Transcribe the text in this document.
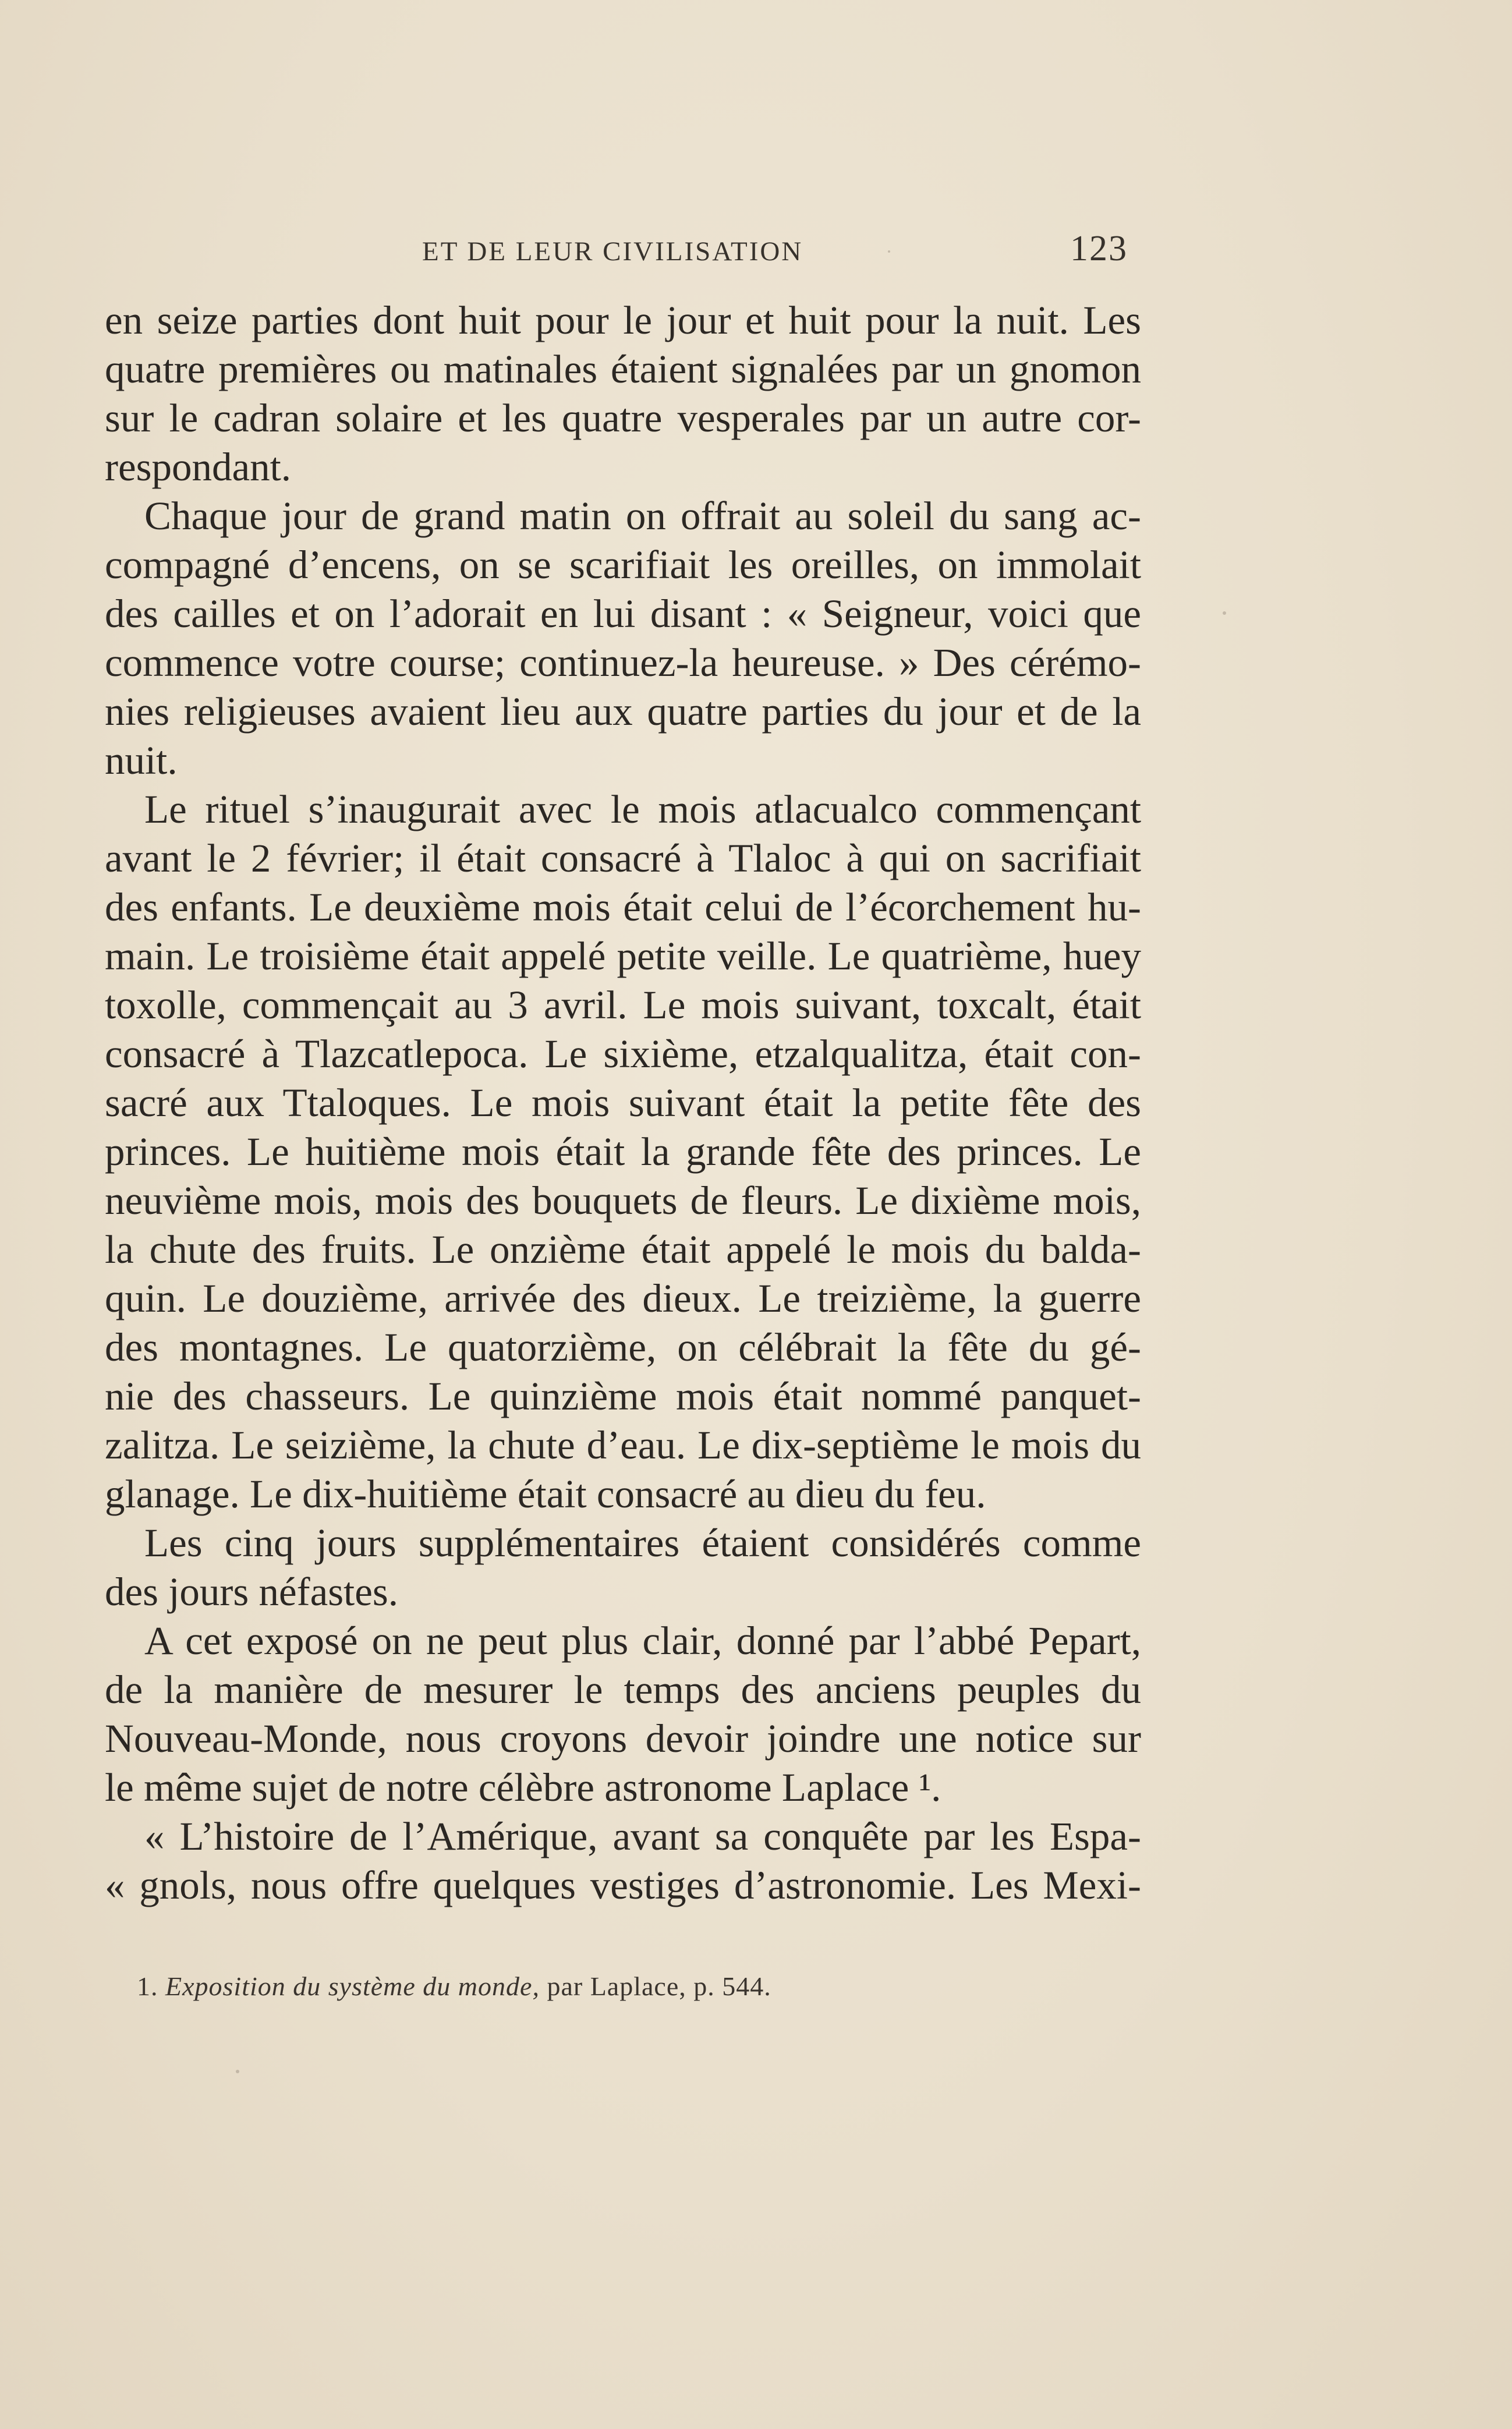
ET DE LEUR CIVILISATION	123
en seize parties dont huit pour le jour et huit pour la nuit. Les
quatre premières ou matinales étaient signalées par un gnomon
sur le cadran solaire et les quatre vesperales par un autre cor-
respondant.
Chaque jour de grand matin on offrait au soleil du sang ac-
compagné d’encens, on se scarifiait les oreilles, on immolait
des cailles et on l’adorait en lui disant : « Seigneur, voici que
commence votre course; continuez-la heureuse. » Des cérémo-
nies religieuses avaient lieu aux quatre parties du jour et de la
nuit.
Le rituel s’inaugurait avec le mois atlacualco commençant
avant le 2 février; il était consacré à Tlaloc à qui on sacrifiait
des enfants. Le deuxième mois était celui de l’écorchement hu-
main. Le troisième était appelé petite veille. Le quatrième, huey
toxolle, commençait au 3 avril. Le mois suivant, toxcalt, était
consacré à Tlazcatlepoca. Le sixième, etzalqualitza, était con-
sacré aux Ttaloques. Le mois suivant était la petite fête des
princes. Le huitième mois était la grande fête des princes. Le
neuvième mois, mois des bouquets de fleurs. Le dixième mois,
la chute des fruits. Le onzième était appelé le mois du balda-
quin. Le douzième, arrivée des dieux. Le treizième, la guerre
des montagnes. Le quatorzième, on célébrait la fête du gé-
nie des chasseurs. Le quinzième mois était nommé panquet-
zalitza. Le seizième, la chute d’eau. Le dix-septième le mois du
glanage. Le dix-huitième était consacré au dieu du feu.
Les cinq jours supplémentaires étaient considérés comme
des jours néfastes.
A cet exposé on ne peut plus clair, donné par l’abbé Pepart,
de la manière de mesurer le temps des anciens peuples du
Nouveau-Monde, nous croyons devoir joindre une notice sur
le même sujet de notre célèbre astronome Laplace ¹.
« L’histoire de l’Amérique, avant sa conquête par les Espa-
« gnols, nous offre quelques vestiges d’astronomie. Les Mexi-
1. Exposition du système du monde, par Laplace, p. 544.
